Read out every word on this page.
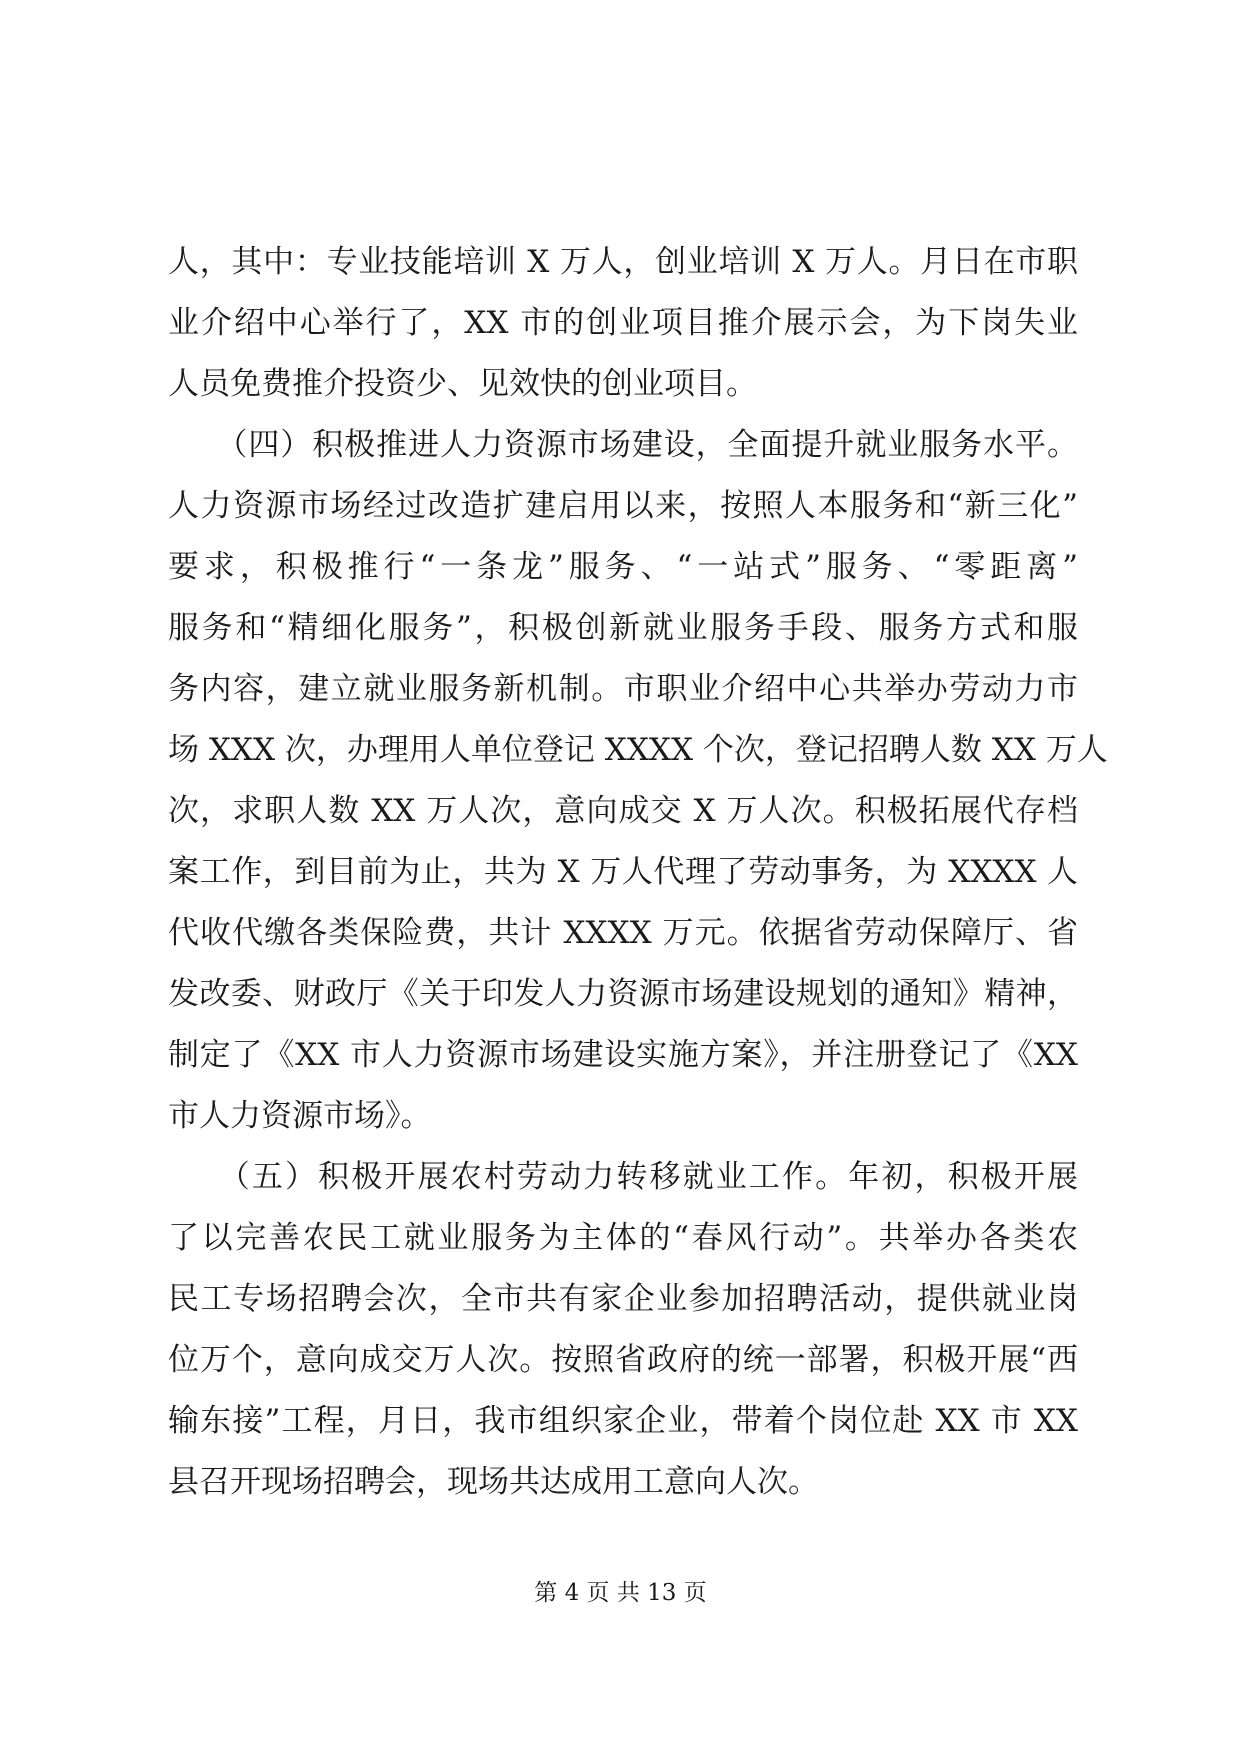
人，其中：专业技能培训 X 万人，创业培训 X 万人。月日在市职
业介绍中心举行了，XX 市的创业项目推介展示会，为下岗失业
人员免费推介投资少、见效快的创业项目。
　　（四）积极推进人力资源市场建设，全面提升就业服务水平。
人力资源市场经过改造扩建启用以来，按照人本服务和“新三化”
要求，积极推行“一条龙”服务、“一站式”服务、“零距离”
服务和“精细化服务”，积极创新就业服务手段、服务方式和服
务内容，建立就业服务新机制。市职业介绍中心共举办劳动力市
场 XXX 次，办理用人单位登记 XXXX 个次，登记招聘人数 XX 万人
次，求职人数 XX 万人次，意向成交 X 万人次。积极拓展代存档
案工作，到目前为止，共为 X 万人代理了劳动事务，为 XXXX 人
代收代缴各类保险费，共计 XXXX 万元。依据省劳动保障厅、省
发改委、财政厅《关于印发人力资源市场建设规划的通知》精神，
制定了《XX 市人力资源市场建设实施方案》，并注册登记了《XX
市人力资源市场》。
　　（五）积极开展农村劳动力转移就业工作。年初，积极开展
了以完善农民工就业服务为主体的“春风行动”。共举办各类农
民工专场招聘会次，全市共有家企业参加招聘活动，提供就业岗
位万个，意向成交万人次。按照省政府的统一部署，积极开展“西
输东接”工程，月日，我市组织家企业，带着个岗位赴 XX 市 XX
县召开现场招聘会，现场共达成用工意向人次。
第 4 页 共 13 页
